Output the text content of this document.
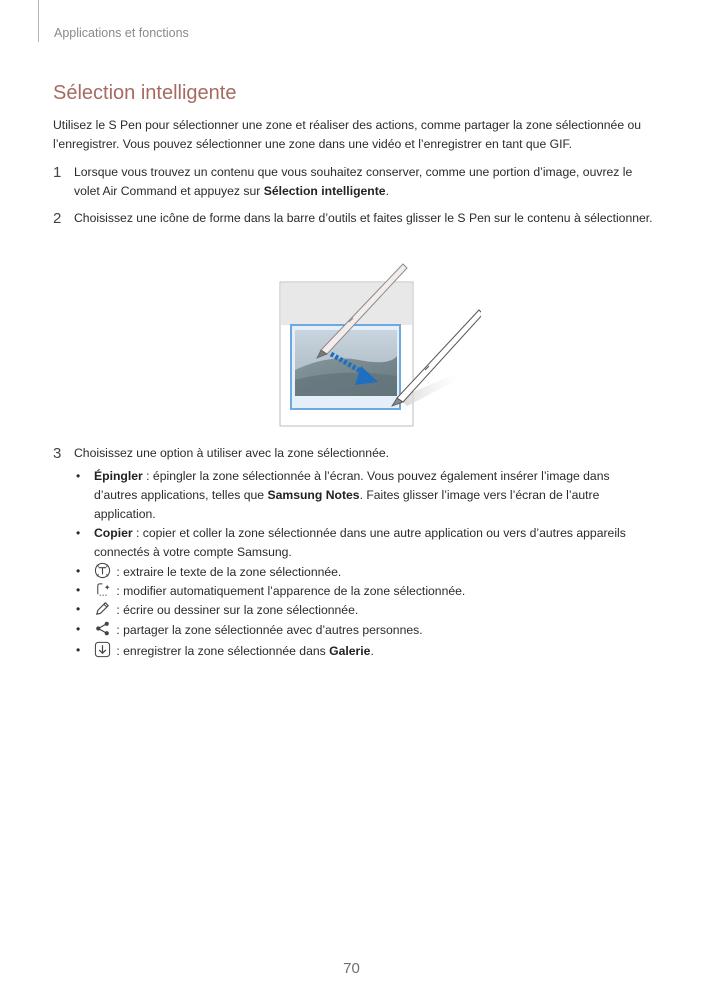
Applications et fonctions
Sélection intelligente
Utilisez le S Pen pour sélectionner une zone et réaliser des actions, comme partager la zone sélectionnée ou l’enregistrer. Vous pouvez sélectionner une zone dans une vidéo et l’enregistrer en tant que GIF.
1 Lorsque vous trouvez un contenu que vous souhaitez conserver, comme une portion d’image, ouvrez le volet Air Command et appuyez sur Sélection intelligente.
2 Choisissez une icône de forme dans la barre d’outils et faites glisser le S Pen sur le contenu à sélectionner.
3 Choisissez une option à utiliser avec la zone sélectionnée.
• Épingler : épingler la zone sélectionnée à l’écran. Vous pouvez également insérer l’image dans d’autres applications, telles que Samsung Notes. Faites glisser l’image vers l’écran de l’autre application.
• Copier : copier et coller la zone sélectionnée dans une autre application ou vers d’autres appareils connectés à votre compte Samsung.
•	: extraire le texte de la zone sélectionnée.
•	: modifier automatiquement l’apparence de la zone sélectionnée.
•	: écrire ou dessiner sur la zone sélectionnée.
•	: partager la zone sélectionnée avec d’autres personnes.
•	: enregistrer la zone sélectionnée dans Galerie.
70
